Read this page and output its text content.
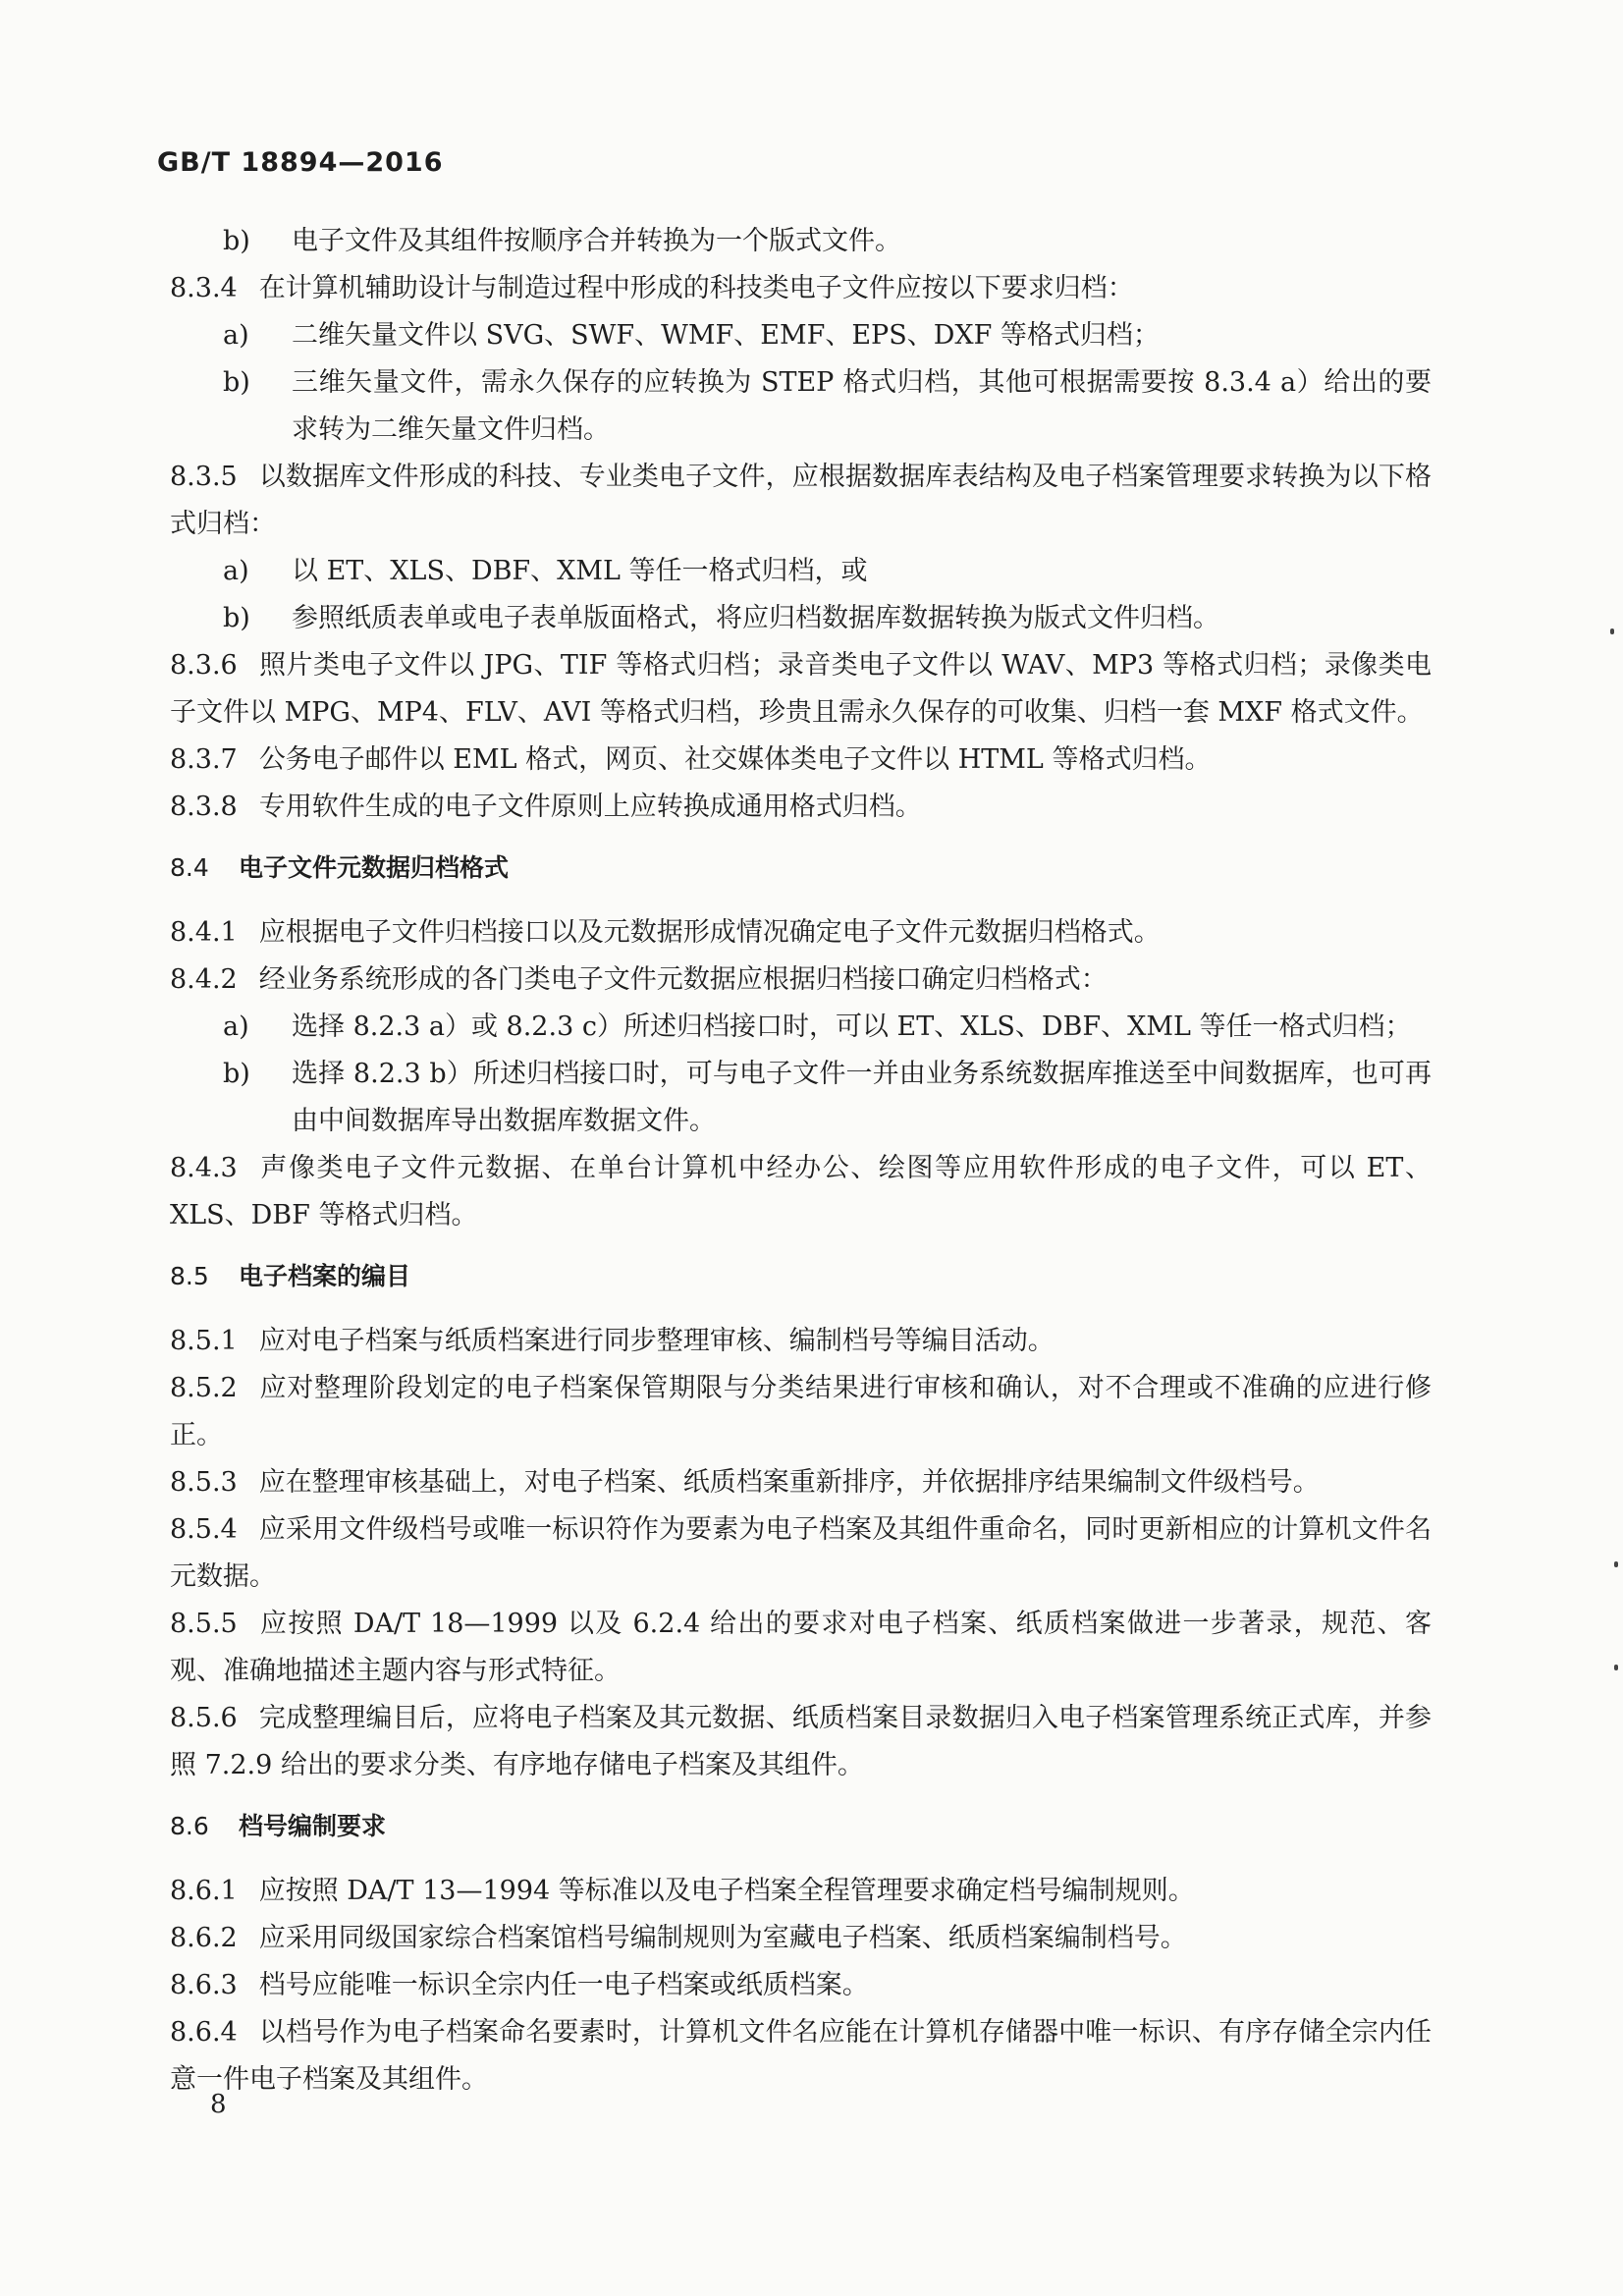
GB/T 18894—2016
b)	电子文件及其组件按顺序合并转换为一个版式文件。
8.3.4 在计算机辅助设计与制造过程中形成的科技类电子文件应按以下要求归档：
a)	二维矢量文件以 SVG、SWF、WMF、EMF、EPS、DXF 等格式归档；
b)	三维矢量文件，需永久保存的应转换为 STEP 格式归档，其他可根据需要按 8.3.4 a）给出的要求转为二维矢量文件归档。
8.3.5 以数据库文件形成的科技、专业类电子文件，应根据数据库表结构及电子档案管理要求转换为以下格式归档：
a)	以 ET、XLS、DBF、XML 等任一格式归档，或
b)	参照纸质表单或电子表单版面格式，将应归档数据库数据转换为版式文件归档。
8.3.6 照片类电子文件以 JPG、TIF 等格式归档；录音类电子文件以 WAV、MP3 等格式归档；录像类电子文件以 MPG、MP4、FLV、AVI 等格式归档，珍贵且需永久保存的可收集、归档一套 MXF 格式文件。
8.3.7 公务电子邮件以 EML 格式，网页、社交媒体类电子文件以 HTML 等格式归档。
8.3.8 专用软件生成的电子文件原则上应转换成通用格式归档。
8.4 电子文件元数据归档格式
8.4.1 应根据电子文件归档接口以及元数据形成情况确定电子文件元数据归档格式。
8.4.2 经业务系统形成的各门类电子文件元数据应根据归档接口确定归档格式：
a)	选择 8.2.3 a）或 8.2.3 c）所述归档接口时，可以 ET、XLS、DBF、XML 等任一格式归档；
b)	选择 8.2.3 b）所述归档接口时，可与电子文件一并由业务系统数据库推送至中间数据库，也可再由中间数据库导出数据库数据文件。
8.4.3 声像类电子文件元数据、在单台计算机中经办公、绘图等应用软件形成的电子文件，可以 ET、XLS、DBF 等格式归档。
8.5 电子档案的编目
8.5.1 应对电子档案与纸质档案进行同步整理审核、编制档号等编目活动。
8.5.2 应对整理阶段划定的电子档案保管期限与分类结果进行审核和确认，对不合理或不准确的应进行修正。
8.5.3 应在整理审核基础上，对电子档案、纸质档案重新排序，并依据排序结果编制文件级档号。
8.5.4 应采用文件级档号或唯一标识符作为要素为电子档案及其组件重命名，同时更新相应的计算机文件名元数据。
8.5.5 应按照 DA/T 18—1999 以及 6.2.4 给出的要求对电子档案、纸质档案做进一步著录，规范、客观、准确地描述主题内容与形式特征。
8.5.6 完成整理编目后，应将电子档案及其元数据、纸质档案目录数据归入电子档案管理系统正式库，并参照 7.2.9 给出的要求分类、有序地存储电子档案及其组件。
8.6 档号编制要求
8.6.1 应按照 DA/T 13—1994 等标准以及电子档案全程管理要求确定档号编制规则。
8.6.2 应采用同级国家综合档案馆档号编制规则为室藏电子档案、纸质档案编制档号。
8.6.3 档号应能唯一标识全宗内任一电子档案或纸质档案。
8.6.4 以档号作为电子档案命名要素时，计算机文件名应能在计算机存储器中唯一标识、有序存储全宗内任意一件电子档案及其组件。
8
